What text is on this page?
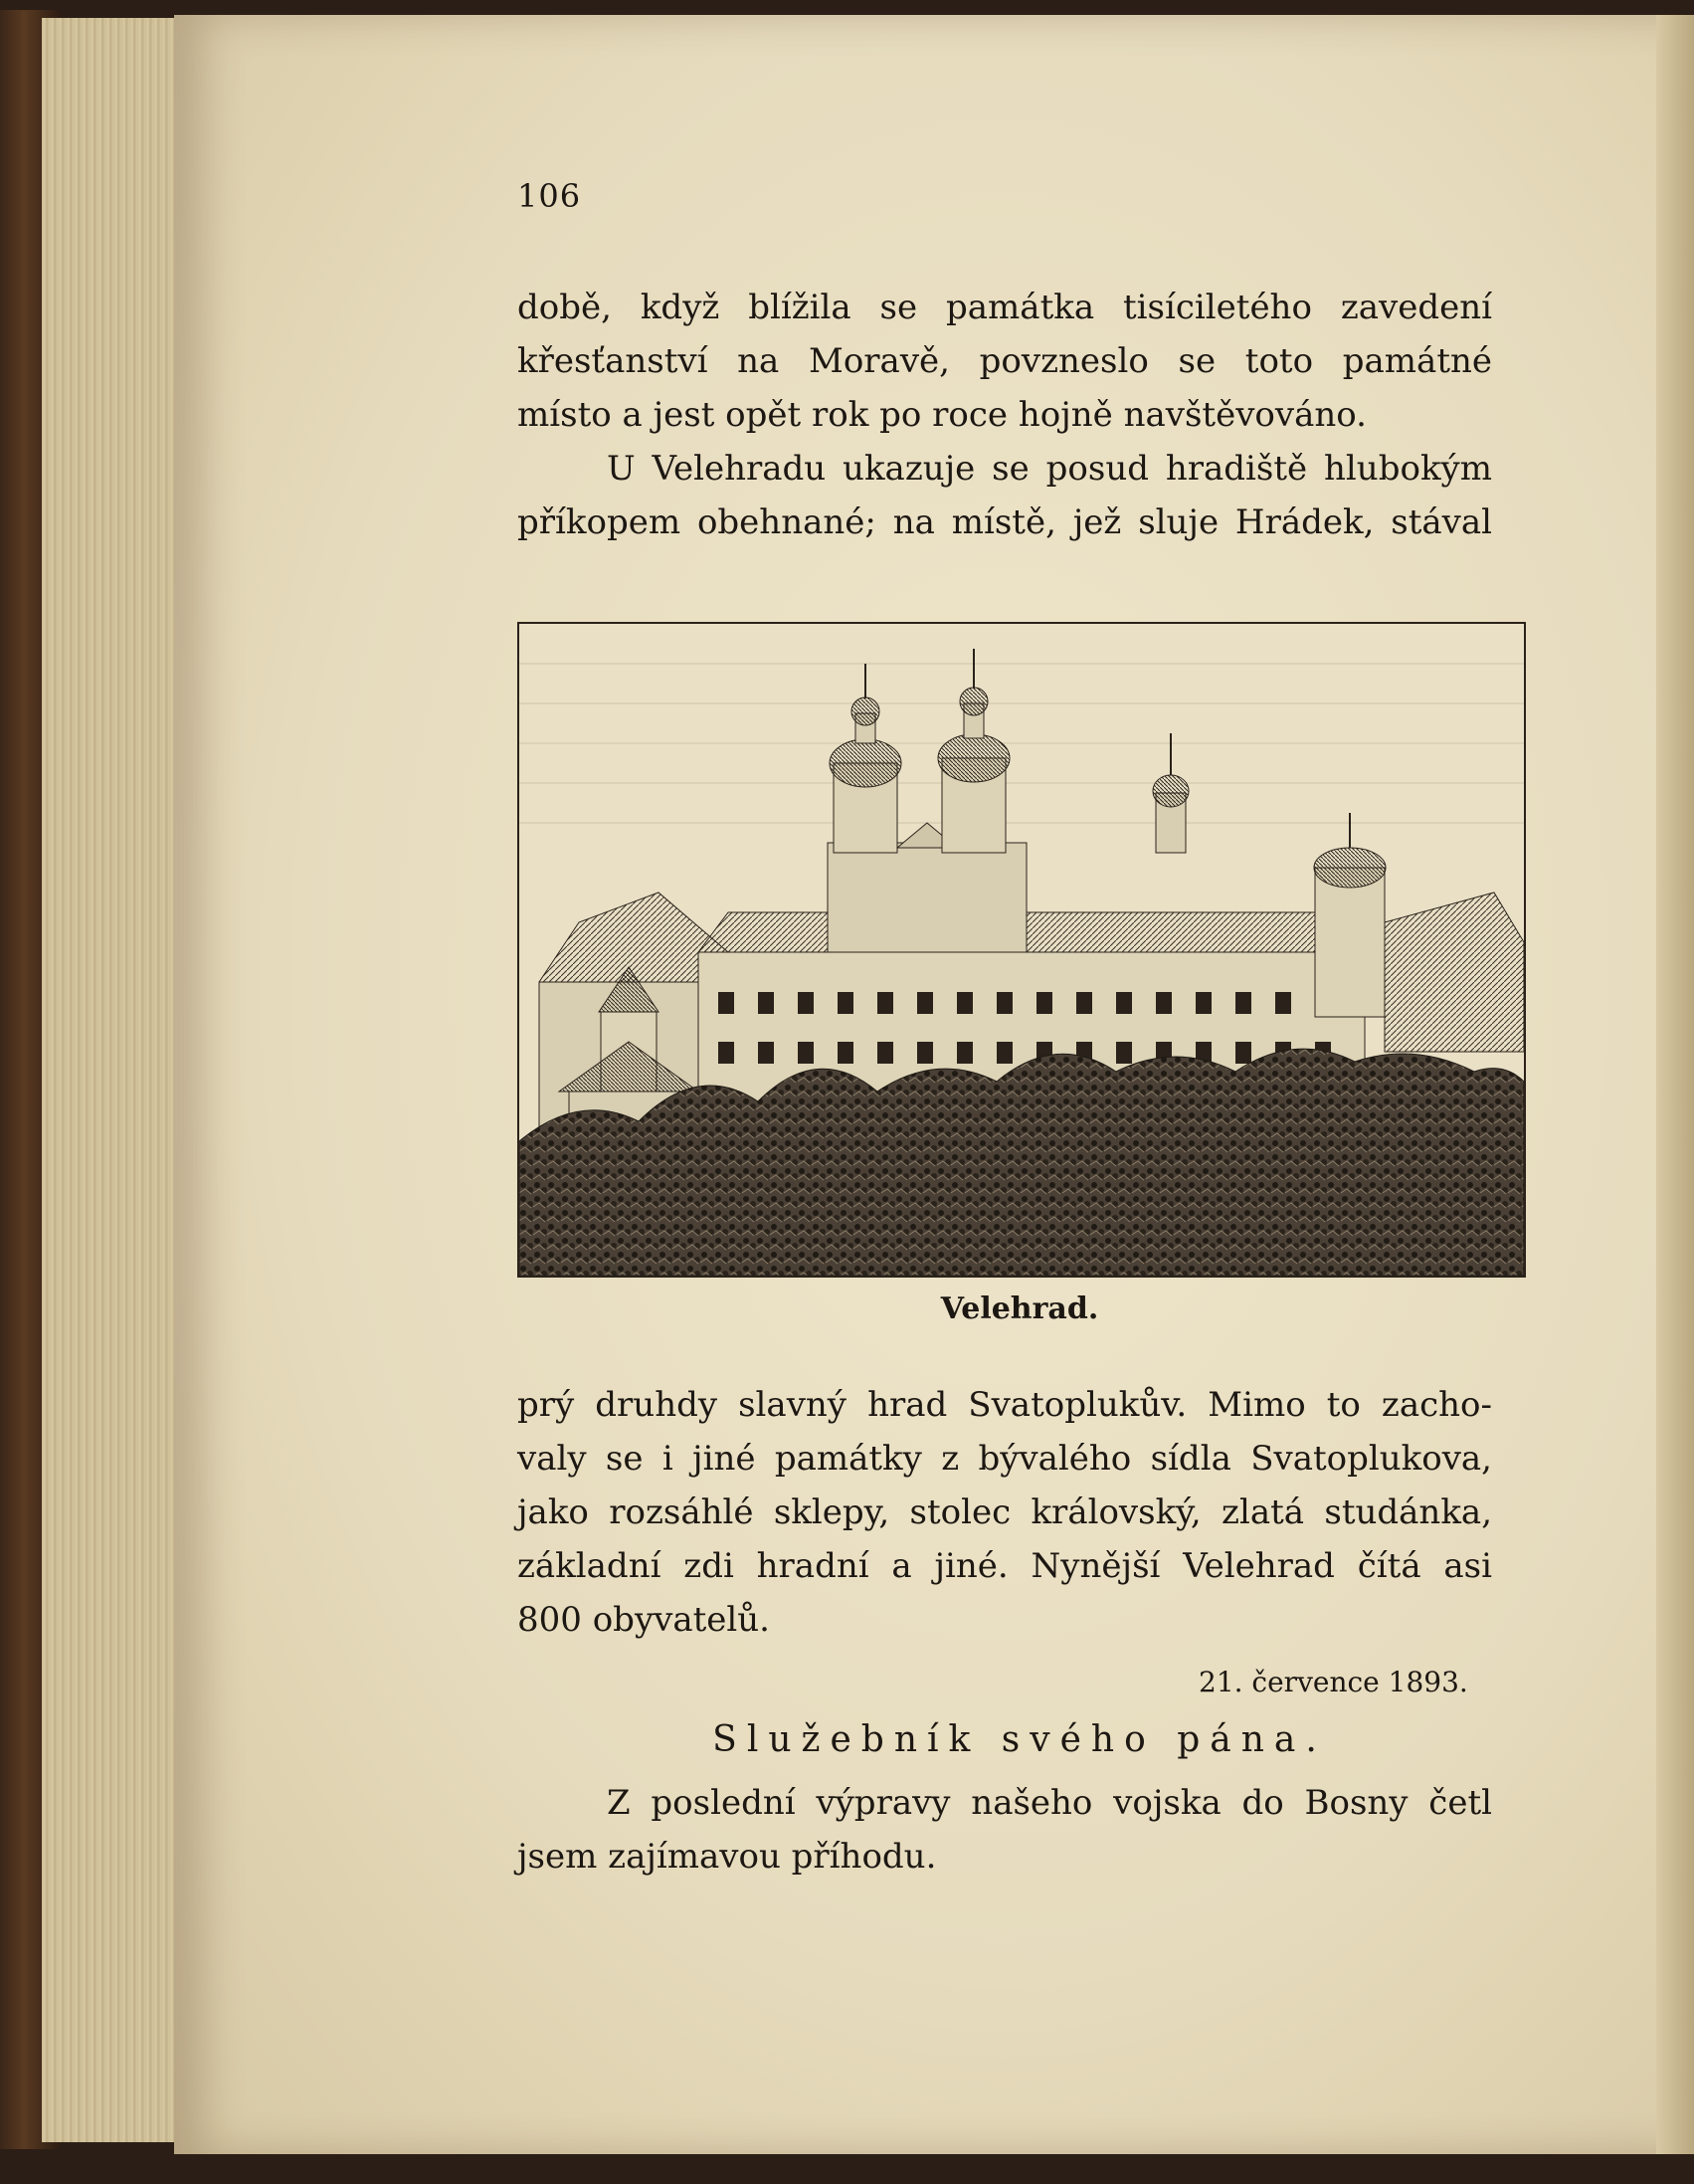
106
době, když blížila se památka tisíciletého zavedení
křesťanství na Moravě, povzneslo se toto památné
místo a jest opět rok po roce hojně navštěvováno.
U Velehradu ukazuje se posud hradiště hlubokým
příkopem obehnané; na místě, jež sluje Hrádek, stával
Velehrad.
prý druhdy slavný hrad Svatoplukův. Mimo to zacho-
valy se i jiné památky z bývalého sídla Svatoplukova,
jako rozsáhlé sklepy, stolec královský, zlatá studánka,
základní zdi hradní a jiné. Nynější Velehrad čítá asi
800 obyvatelů.
21. července 1893.
Služebník svého pána.
Z poslední výpravy našeho vojska do Bosny četl
jsem zajímavou příhodu.
